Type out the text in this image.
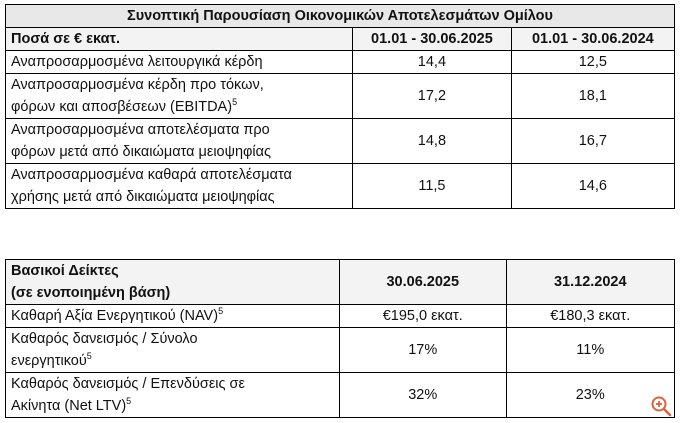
Συνοπτική Παρουσίαση Οικονομικών Αποτελεσμάτων Ομίλου		
Ποσά σε € εκατ.	01.01 - 30.06.2025	01.01 - 30.06.2024
Αναπροσαρμοσμένα λειτουργικά κέρδη	14,4	12,5

Αναπροσαρμοσμένα κέρδη προ τόκων,
φόρων και αποσβέσεων (EBITDA)$^5$	17,2	18,1

Αναπροσαρμοσμένα αποτελέσματα προ
φόρων μετά από δικαιώματα μειοψηφίας	14,8	16,7

Αναπροσαρμοσμένα καθαρά αποτελέσματα
χρήσης μετά από δικαιώματα μειοψηφίας	11,5	14,6
Βασικοί Δείκτες
(σε ενοποιημένη βάση)	30.06.2025	31.12.2024
Καθαρή Αξία Ενεργητικού (NAV)$^5$	€195,0 εκατ.	€180,3 εκατ.

Καθαρός δανεισμός / Σύνολο
ενεργητικού$^5$	17%	11%

Καθαρός δανεισμός / Επενδύσεις σε
Ακίνητα (Net LTV)$^5$	32%	23%
